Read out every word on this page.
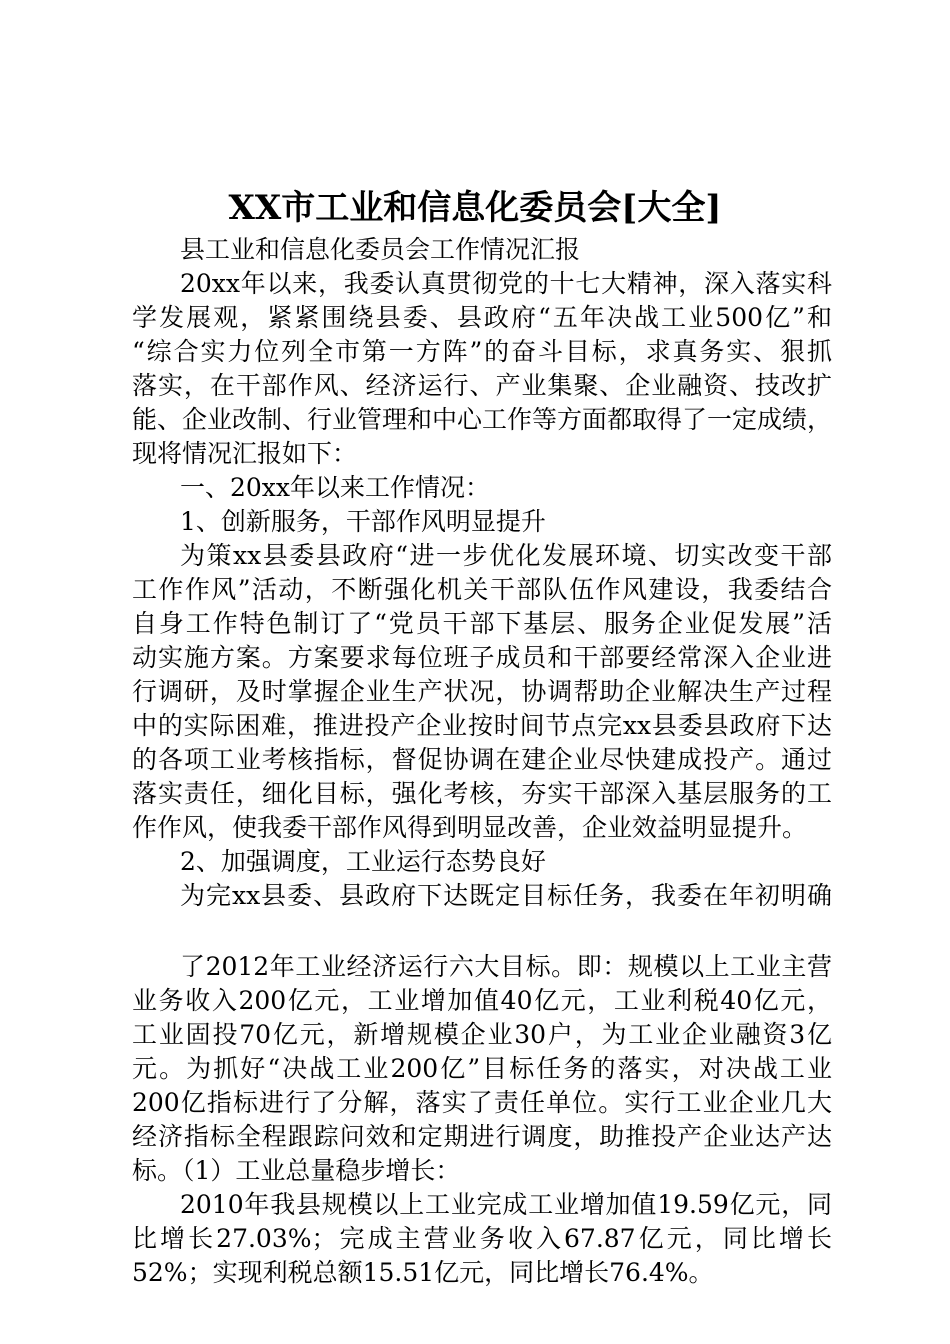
XX市工业和信息化委员会[大全]
县工业和信息化委员会工作情况汇报
20xx年以来，我委认真贯彻党的十七大精神，深入落实科
学发展观，紧紧围绕县委、县政府“五年决战工业500亿”和
“综合实力位列全市第一方阵”的奋斗目标，求真务实、狠抓
落实，在干部作风、经济运行、产业集聚、企业融资、技改扩
能、企业改制、行业管理和中心工作等方面都取得了一定成绩，
现将情况汇报如下：
一、20xx年以来工作情况：
1、创新服务，干部作风明显提升
为策xx县委县政府“进一步优化发展环境、切实改变干部
工作作风”活动，不断强化机关干部队伍作风建设，我委结合
自身工作特色制订了“党员干部下基层、服务企业促发展”活
动实施方案。方案要求每位班子成员和干部要经常深入企业进
行调研，及时掌握企业生产状况，协调帮助企业解决生产过程
中的实际困难，推进投产企业按时间节点完xx县委县政府下达
的各项工业考核指标，督促协调在建企业尽快建成投产。通过
落实责任，细化目标，强化考核，夯实干部深入基层服务的工
作作风，使我委干部作风得到明显改善，企业效益明显提升。
2、加强调度，工业运行态势良好
为完xx县委、县政府下达既定目标任务，我委在年初明确
了2012年工业经济运行六大目标。即：规模以上工业主营
业务收入200亿元，工业增加值40亿元，工业利税40亿元，
工业固投70亿元，新增规模企业30户，为工业企业融资3亿
元。为抓好“决战工业200亿”目标任务的落实，对决战工业
200亿指标进行了分解，落实了责任单位。实行工业企业几大
经济指标全程跟踪问效和定期进行调度，助推投产企业达产达
标。（1）工业总量稳步增长：
2010年我县规模以上工业完成工业增加值19.59亿元，同
比增长27.03%；完成主营业务收入67.87亿元，同比增长
52%；实现利税总额15.51亿元，同比增长76.4%。
